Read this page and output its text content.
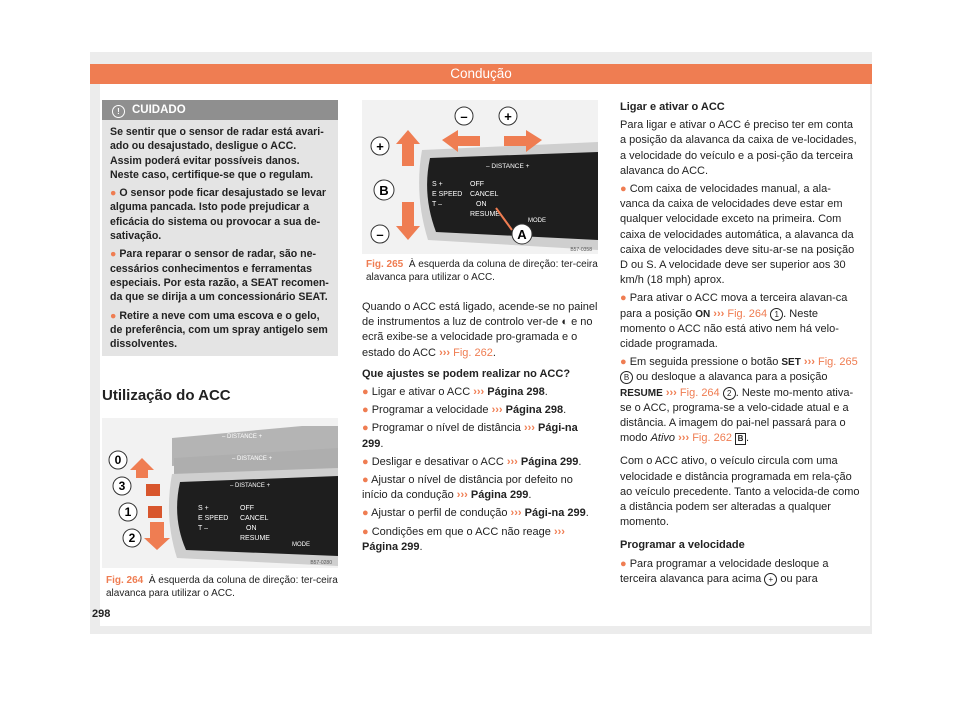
Condução
! CUIDADO

Se sentir que o sensor de radar está avari-ado ou desajustado, desligue o ACC. Assim poderá evitar possíveis danos. Neste caso, certifique-se que o regulam.

● O sensor pode ficar desajustado se levar alguma pancada. Isto pode prejudicar a eficácia do sistema ou provocar a sua de-sativação.

● Para reparar o sensor de radar, são ne-cessários conhecimentos e ferramentas especiais. Por esta razão, a SEAT recomen-da que se dirija a um concessionário SEAT.

● Retire a neve com uma escova e o gelo, de preferência, com um spray antigelo sem dissolventes.

Utilização do ACC
– DISTANCE +
– DISTANCE +
– DISTANCE +
S +
E SPEED
T –
OFF
CANCEL
ON
RESUME
MODE
0
3
1
2
B57-0280
Fig. 264 À esquerda da coluna de direção: ter-ceira alavanca para utilizar o ACC.
– DISTANCE +
S +
E SPEED
T –
OFF
CANCEL
ON
RESUME
MODE
–	+
+
B
–	A
B57-0358
Fig. 265 À esquerda da coluna de direção: ter-ceira alavanca para utilizar o ACC.

Quando o ACC está ligado, acende-se no painel de instrumentos a luz de controlo ver-de ◐ e no ecrã exibe-se a velocidade pro-gramada e o estado do ACC ››› Fig. 262.

Que ajustes se podem realizar no ACC?

● Ligar e ativar o ACC ››› Página 298.

● Programar a velocidade ››› Página 298.

● Programar o nível de distância ››› Pági-na 299.

● Desligar e desativar o ACC ››› Página 299.

● Ajustar o nível de distância por defeito no início da condução ››› Página 299.

● Ajustar o perfil de condução ››› Pági-na 299.

● Condições em que o ACC não reage ››› Página 299.

Ligar e ativar o ACC

Para ligar e ativar o ACC é preciso ter em conta a posição da alavanca da caixa de ve-locidades, a velocidade do veículo e a posi-ção da terceira alavanca do ACC.

● Com caixa de velocidades manual, a ala-vanca da caixa de velocidades deve estar em qualquer velocidade exceto na primeira. Com caixa de velocidades automática, a alavanca da caixa de velocidades deve situ-ar-se na posição D ou S. A velocidade deve ser superior aos 30 km/h (18 mph) aprox.

● Para ativar o ACC mova a terceira alavan-ca para a posição ON ››› Fig. 264 1 . Neste momento o ACC não está ativo nem há velo-cidade programada.

● Em seguida pressione o botão SET ››› Fig. 265 B ou desloque a alavanca para a posição RESUME ››› Fig. 264 2 . Neste mo-mento ativa-se o ACC, programa-se a velo-cidade atual e a distância. A imagem do pai-nel passará para o modo Ativo ››› Fig. 262 B .

Com o ACC ativo, o veículo circula com uma velocidade e distância programada em rela-ção ao veículo precedente. Tanto a velocida-de como a distância podem ser alteradas a qualquer momento.

Programar a velocidade

● Para programar a velocidade desloque a terceira alavanca para acima + ou para

298
